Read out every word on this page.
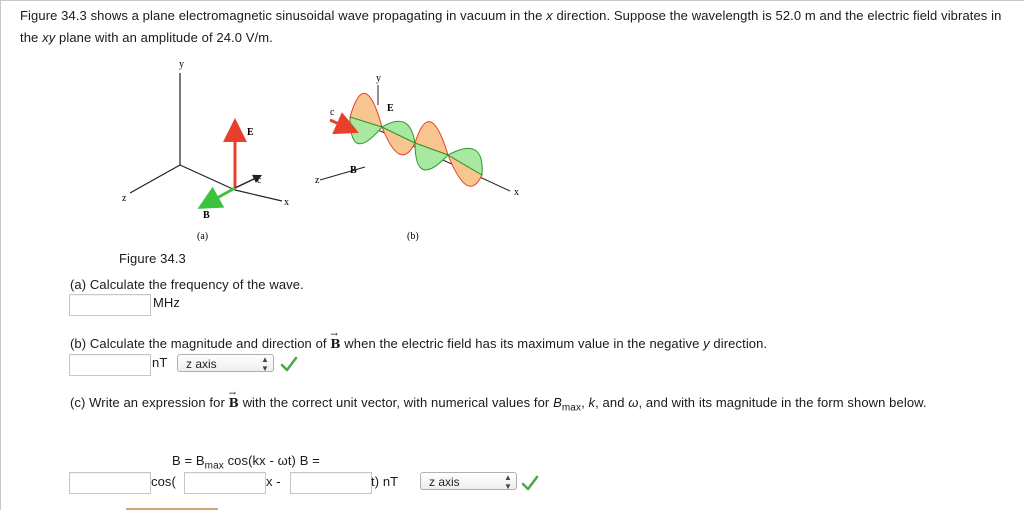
Figure 34.3 shows a plane electromagnetic sinusoidal wave propagating in vacuum in the x direction. Suppose the wavelength is 52.0 m and the electric field vibrates in the xy plane with an amplitude of 24.0 V/m.
y
z	x
E
B
c
(a)
y
z
x
E
B
c
(b)
Figure 34.3
(a) Calculate the frequency of the wave.
MHz
(b) Calculate the magnitude and direction of → B when the electric field has its maximum value in the negative y direction.
nT	z axis	▲
▼
(c) Write an expression for → B with the correct unit vector, with numerical values for $B_{max}$, k, and ω, and with its magnitude in the form shown below.
$B = B_{max}$ cos(kx - ωt) B =
cos(	x -	t) nT	z axis	▲
▼
